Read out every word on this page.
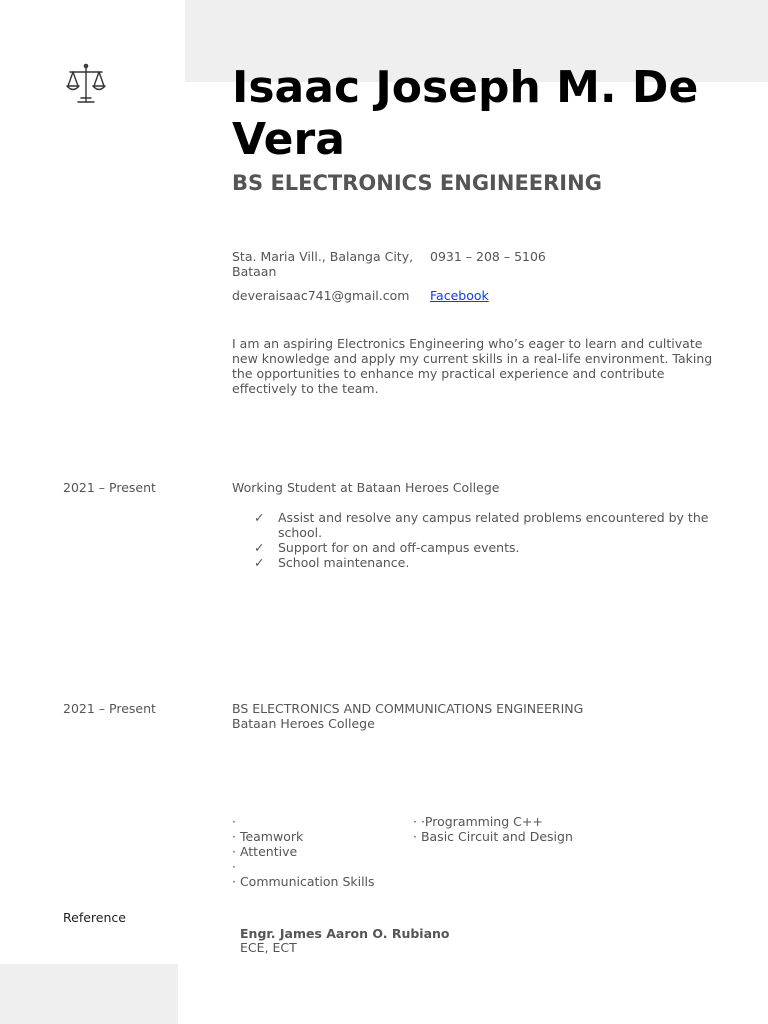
Isaac Joseph M. De Vera
BS ELECTRONICS ENGINEERING
Sta. Maria Vill., Balanga City, Bataan
0931 – 208 – 5106
deveraisaac741@gmail.com Facebook
I am an aspiring Electronics Engineering who’s eager to learn and cultivate new knowledge and apply my current skills in a real-life environment. Taking the opportunities to enhance my practical experience and contribute effectively to the team.
2021 – Present	Working Student at Bataan Heroes College
✓ Assist and resolve any campus related problems encountered by the school.
✓ Support for on and off-campus events.
✓ School maintenance.
2021 – Present	BS ELECTRONICS AND COMMUNICATIONS ENGINEERING
Bataan Heroes College
·
· Teamwork
· Attentive
·
· Communication Skills
· ·Programming C++
· Basic Circuit and Design
Reference
Engr. James Aaron O. Rubiano
ECE, ECT
